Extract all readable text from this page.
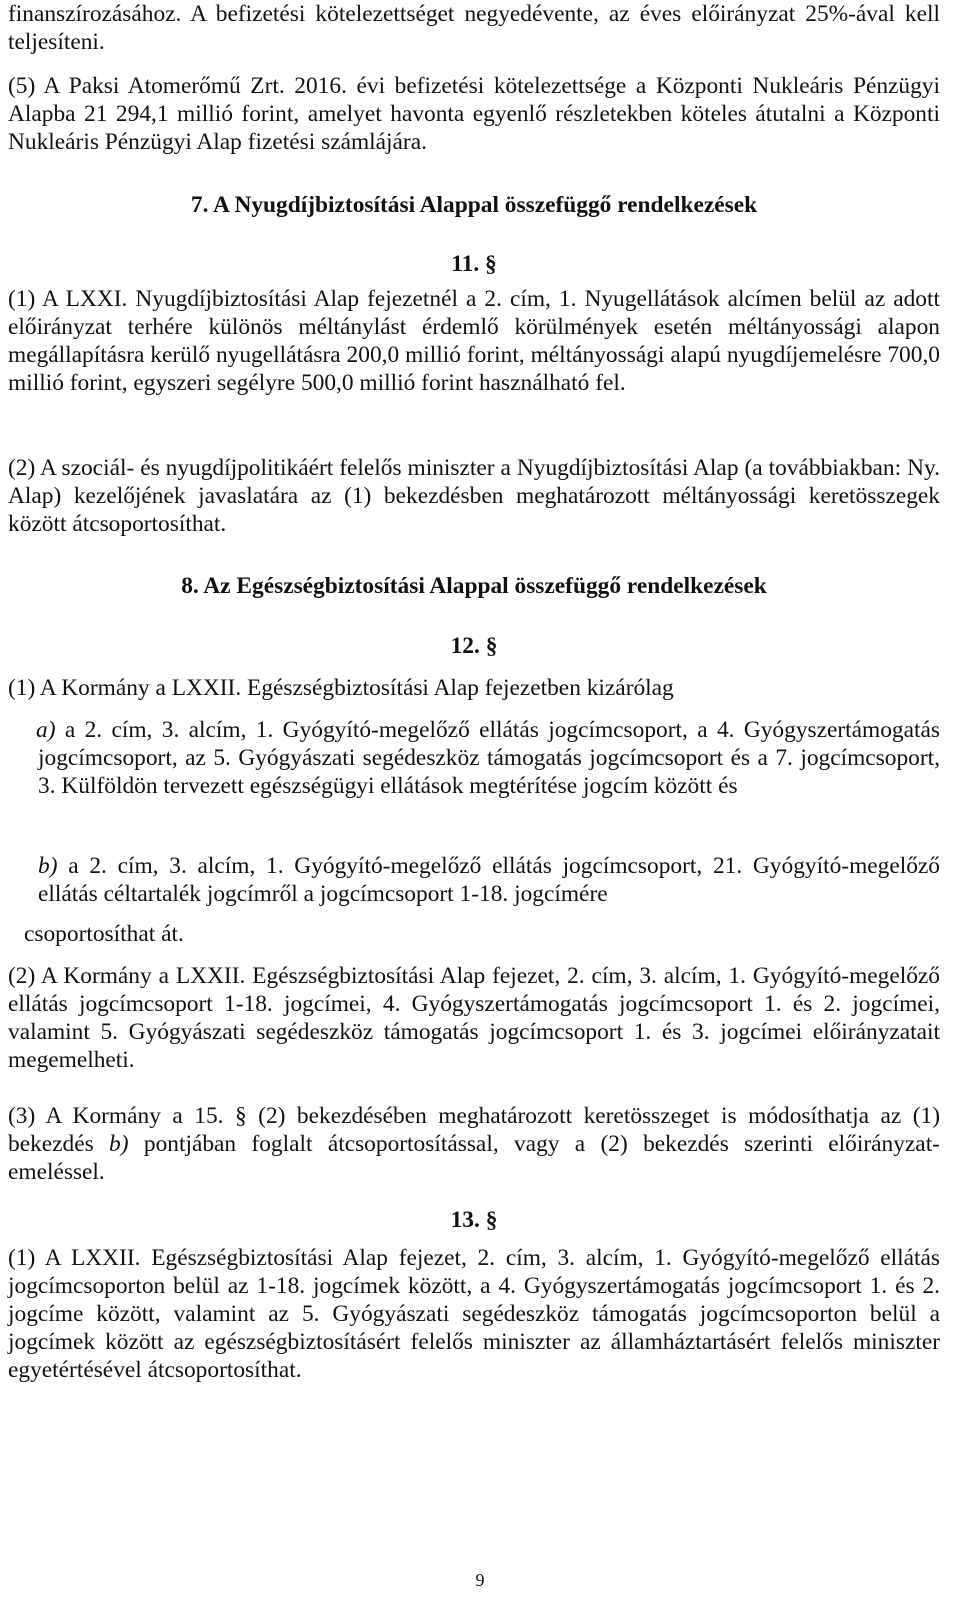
finanszírozásához. A befizetési kötelezettséget negyedévente, az éves előirányzat 25%-ával kell teljesíteni.

(5) A Paksi Atomerőmű Zrt. 2016. évi befizetési kötelezettsége a Központi Nukleáris Pénzügyi Alapba 21 294,1 millió forint, amelyet havonta egyenlő részletekben köteles átutalni a Központi Nukleáris Pénzügyi Alap fizetési számlájára.

7. A Nyugdíjbiztosítási Alappal összefüggő rendelkezések

11. §

(1) A LXXI. Nyugdíjbiztosítási Alap fejezetnél a 2. cím, 1. Nyugellátások alcímen belül az adott előirányzat terhére különös méltánylást érdemlő körülmények esetén méltányossági alapon megállapításra kerülő nyugellátásra 200,0 millió forint, méltányossági alapú nyugdíjemelésre 700,0 millió forint, egyszeri segélyre 500,0 millió forint használható fel.

(2) A szociál- és nyugdíjpolitikáért felelős miniszter a Nyugdíjbiztosítási Alap (a továbbiakban: Ny. Alap) kezelőjének javaslatára az (1) bekezdésben meghatározott méltányossági keretösszegek között átcsoportosíthat.

8. Az Egészségbiztosítási Alappal összefüggő rendelkezések

12. §

(1) A Kormány a LXXII. Egészségbiztosítási Alap fejezetben kizárólag

a) a 2. cím, 3. alcím, 1. Gyógyító-megelőző ellátás jogcímcsoport, a 4. Gyógyszertámogatás jogcímcsoport, az 5. Gyógyászati segédeszköz támogatás jogcímcsoport és a 7. jogcímcsoport, 3. Külföldön tervezett egészségügyi ellátások megtérítése jogcím között és

b) a 2. cím, 3. alcím, 1. Gyógyító-megelőző ellátás jogcímcsoport, 21. Gyógyító-megelőző ellátás céltartalék jogcímről a jogcímcsoport 1-18. jogcímére

csoportosíthat át.

(2) A Kormány a LXXII. Egészségbiztosítási Alap fejezet, 2. cím, 3. alcím, 1. Gyógyító-megelőző ellátás jogcímcsoport 1-18. jogcímei, 4. Gyógyszertámogatás jogcímcsoport 1. és 2. jogcímei, valamint 5. Gyógyászati segédeszköz támogatás jogcímcsoport 1. és 3. jogcímei előirányzatait megemelheti.

(3) A Kormány a 15. § (2) bekezdésében meghatározott keretösszeget is módosíthatja az (1) bekezdés b) pontjában foglalt átcsoportosítással, vagy a (2) bekezdés szerinti előirányzat-emeléssel.

13. §

(1) A LXXII. Egészségbiztosítási Alap fejezet, 2. cím, 3. alcím, 1. Gyógyító-megelőző ellátás jogcímcsoporton belül az 1-18. jogcímek között, a 4. Gyógyszertámogatás jogcímcsoport 1. és 2. jogcíme között, valamint az 5. Gyógyászati segédeszköz támogatás jogcímcsoporton belül a jogcímek között az egészségbiztosításért felelős miniszter az államháztartásért felelős miniszter egyetértésével átcsoportosíthat.

9
